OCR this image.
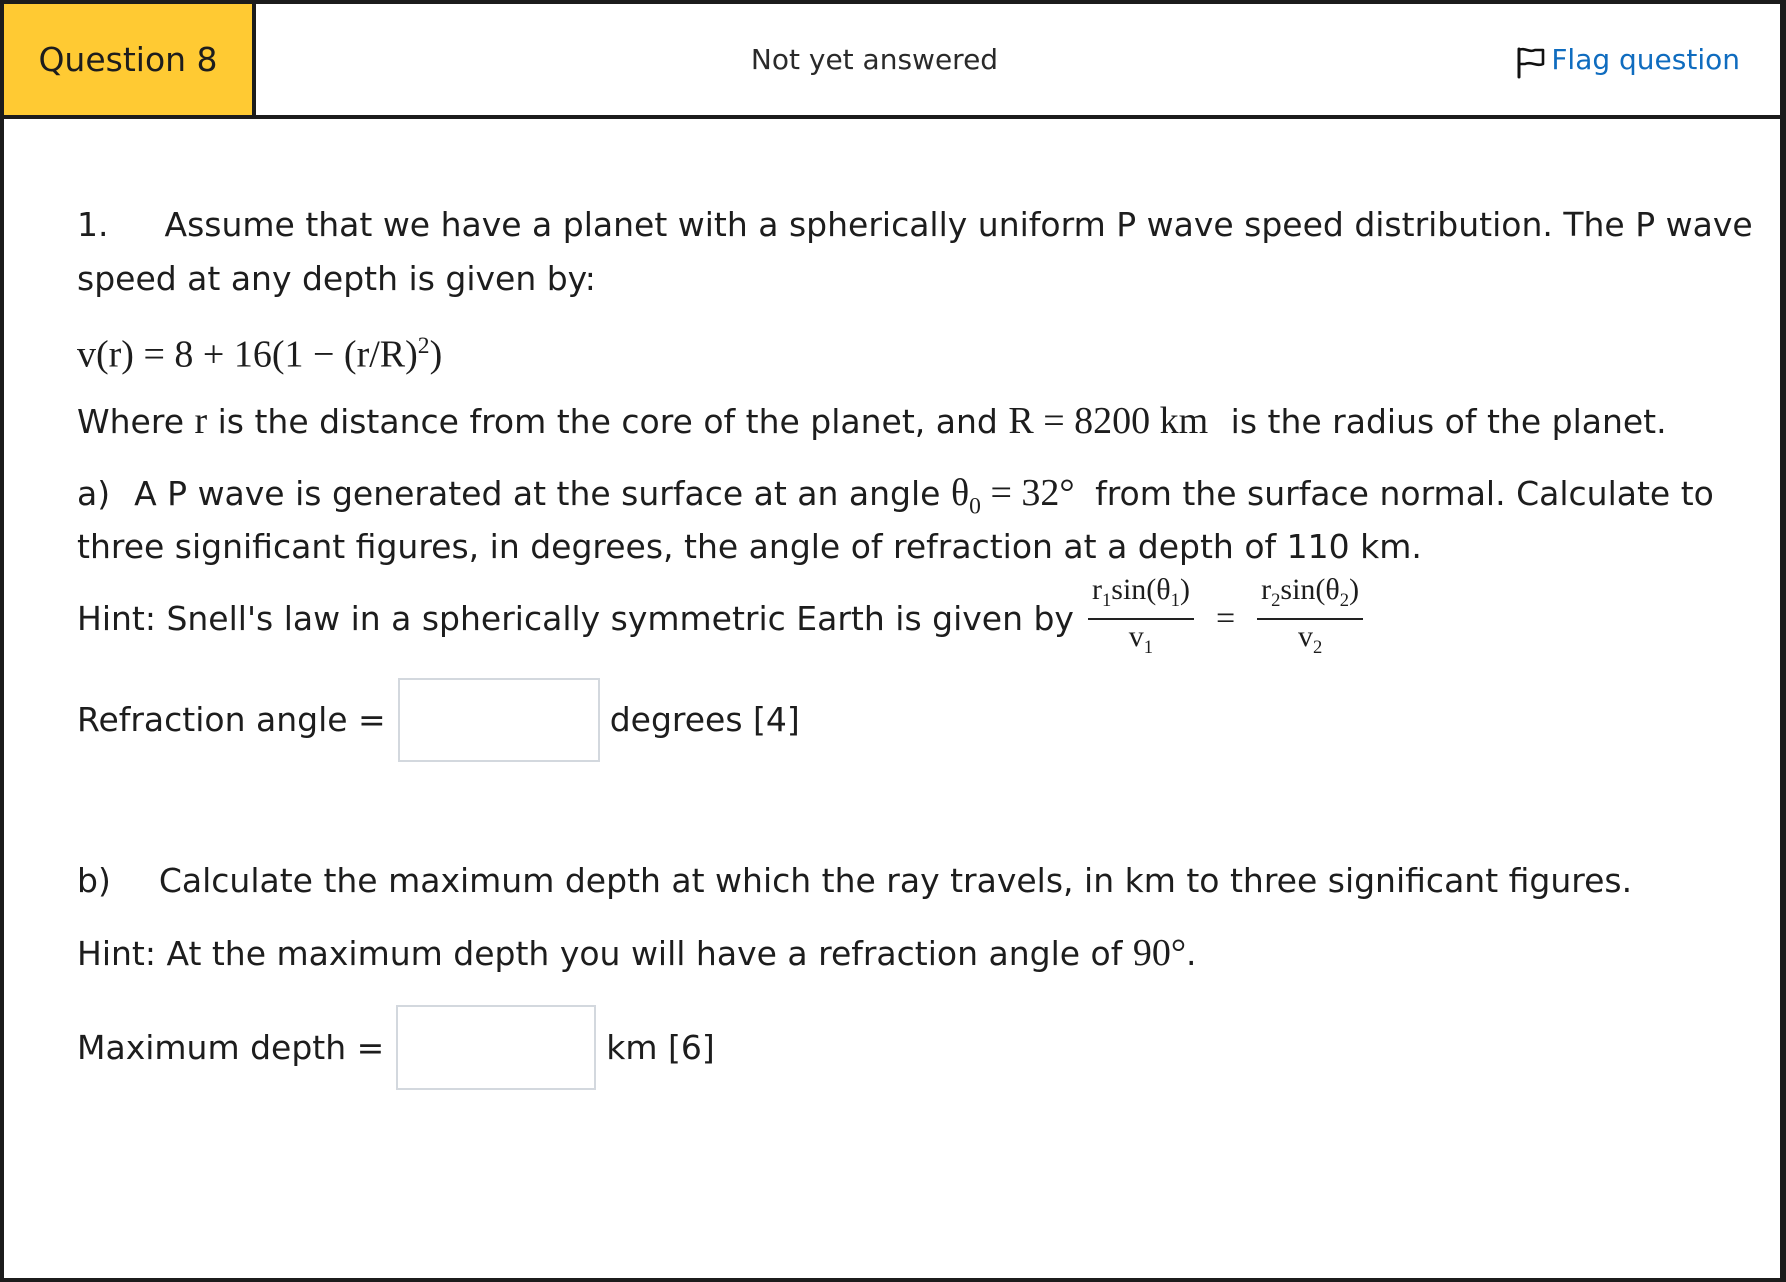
Question 8	Not yet answered	Flag question
1. Assume that we have a planet with a spherically uniform P wave speed distribution. The P wave
speed at any depth is given by:
$v(r) = 8 + 16(1 - (r/R)^2)$
Where r is the distance from the core of the planet, and R = 8200 km is the radius of the planet.
a) A P wave is generated at the surface at an angle $\theta_0 = 32^\circ$ from the surface normal. Calculate to
three significant figures, in degrees, the angle of refraction at a depth of 110 km.
Hint: Snell's law in a spherically symmetric Earth is given by $\frac{r_1\sin(\theta_1)}{v_1} = \frac{r_2\sin(\theta_2)}{v_2}$
Refraction angle =	degrees [4]
b) Calculate the maximum depth at which the ray travels, in km to three significant figures.
Hint: At the maximum depth you will have a refraction angle of 90°.
Maximum depth =	km [6]
